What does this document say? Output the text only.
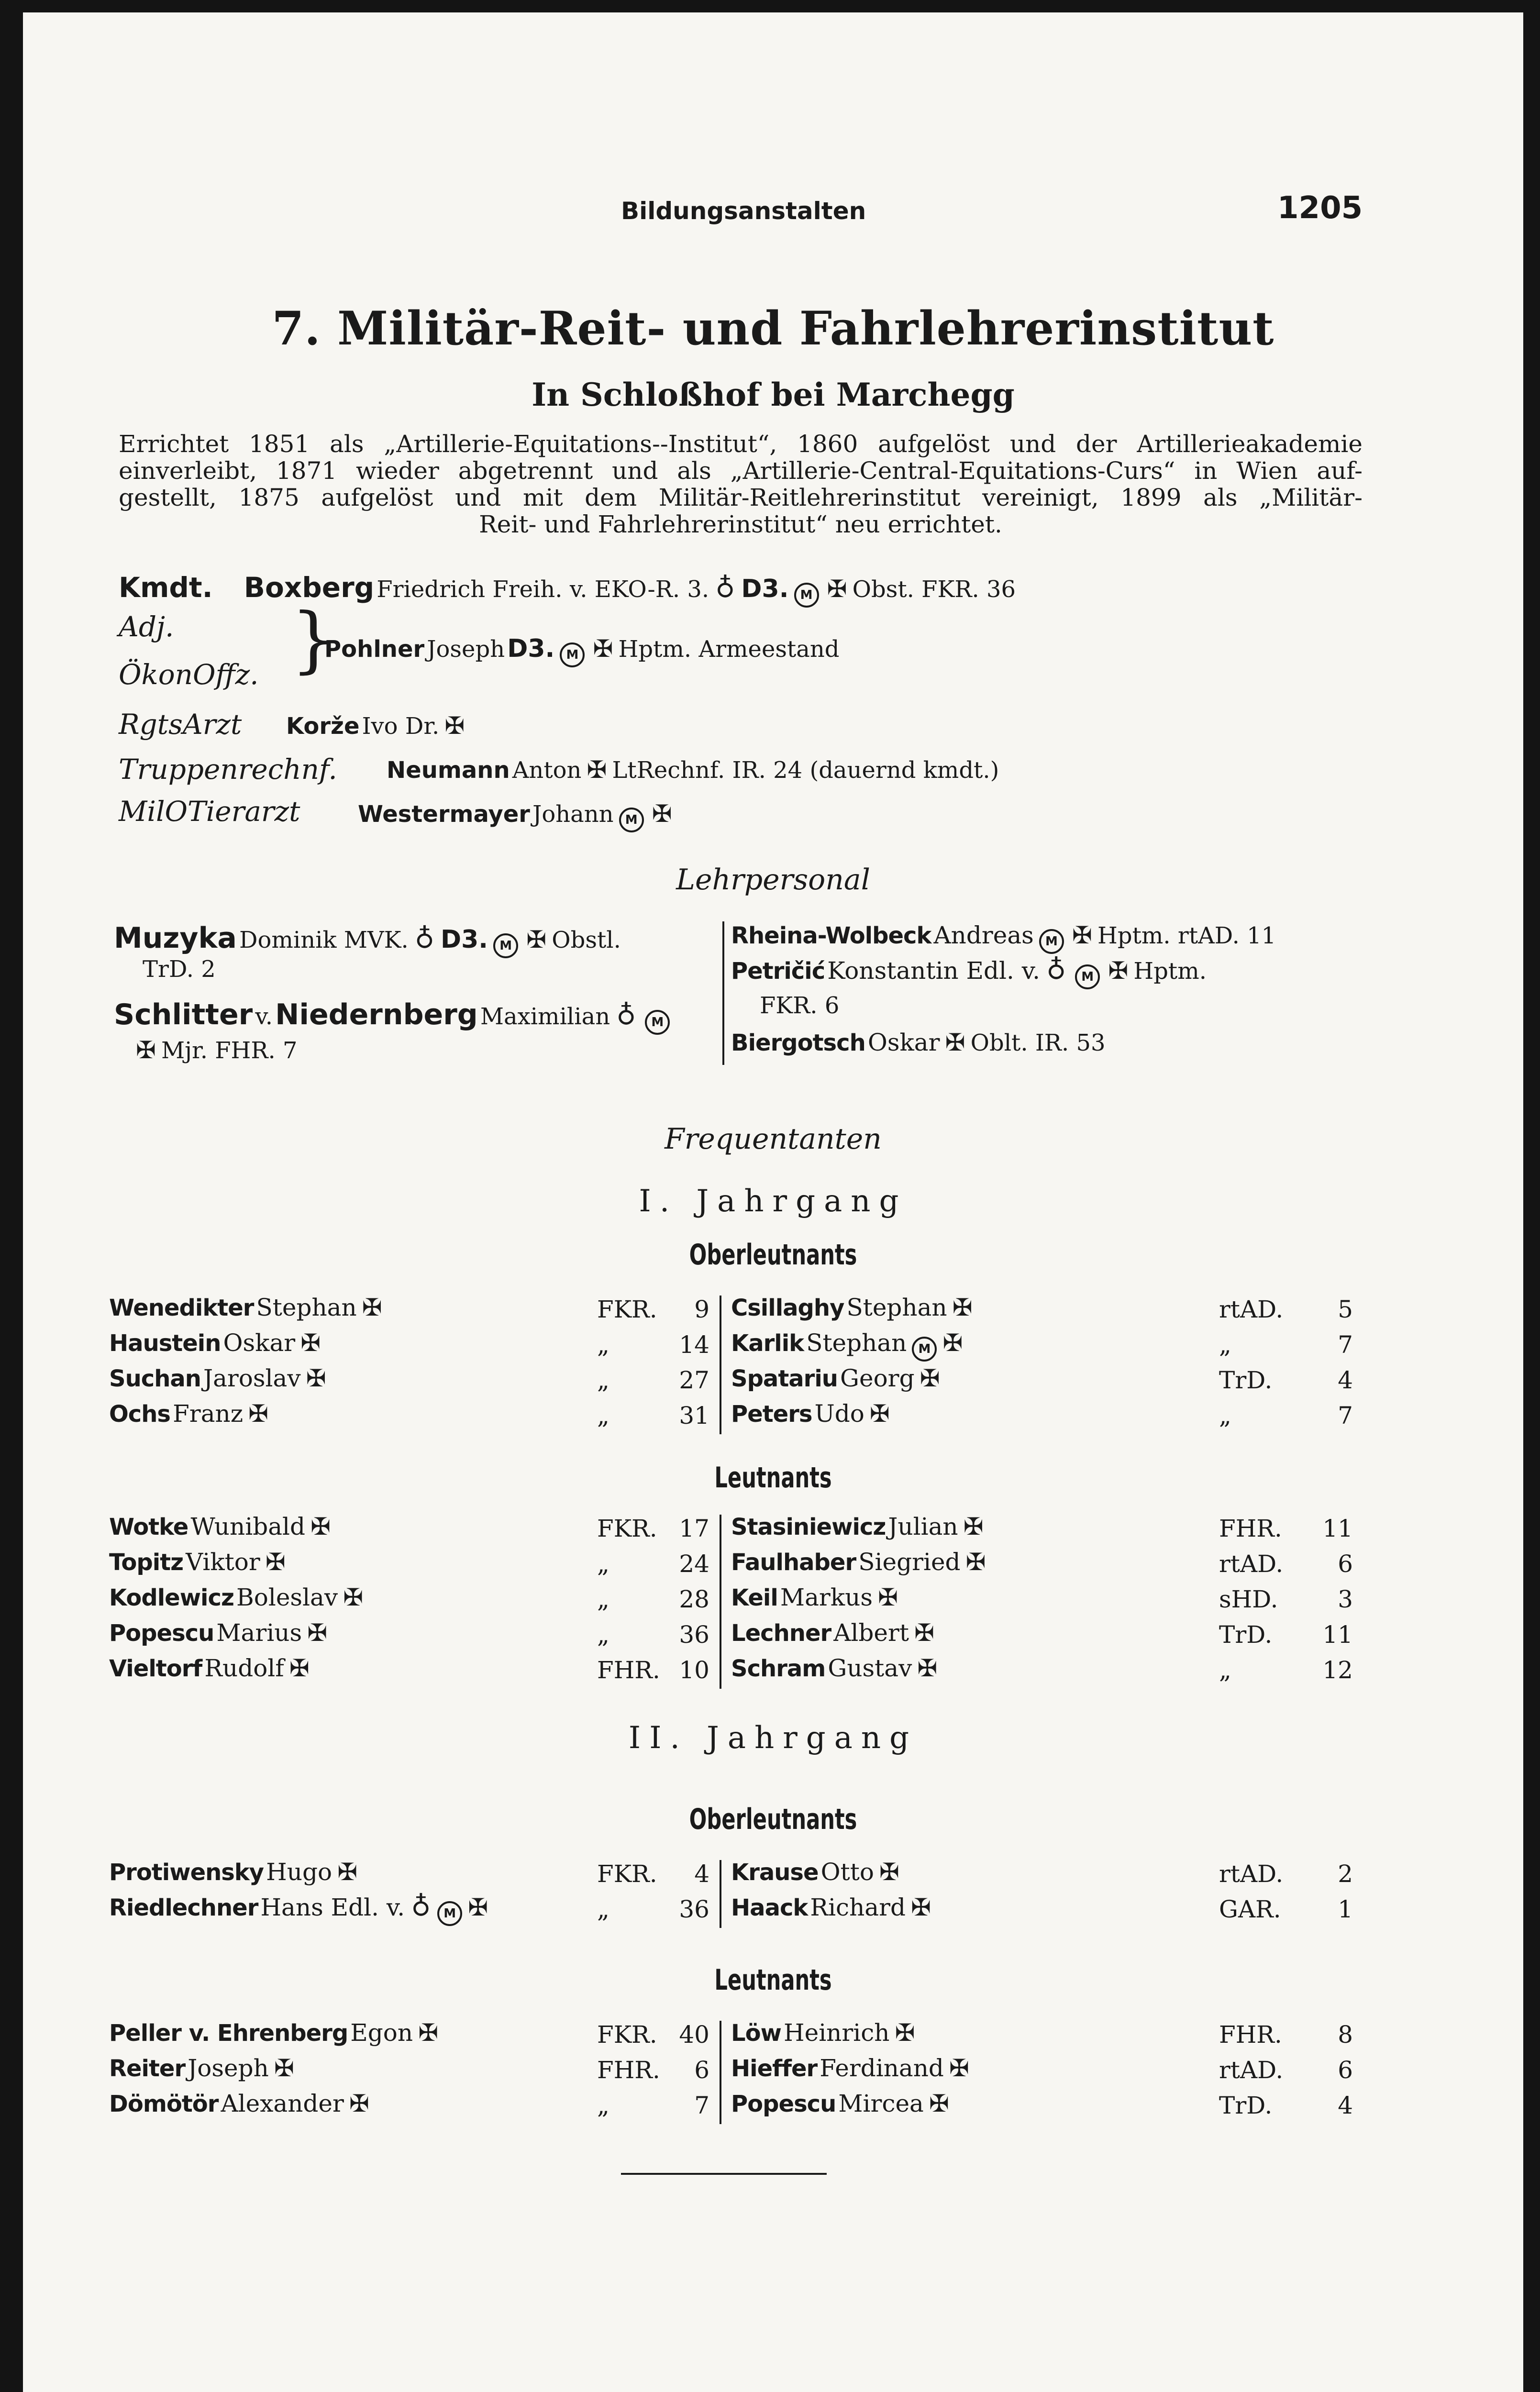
Bildungsanstalten	1205
7. Militär-Reit- und Fahrlehrerinstitut
In Schloßhof bei Marchegg
Errichtet 1851 als „Artillerie-Equitations--Institut“, 1860 aufgelöst und der Artillerieakademie
einverleibt, 1871 wieder abgetrennt und als „Artillerie-Central-Equitations-Curs“ in Wien auf-
gestellt, 1875 aufgelöst und mit dem Militär-Reitlehrerinstitut vereinigt, 1899 als „Militär-
Reit- und Fahrlehrerinstitut“ neu errichtet.
Kmdt. Boxberg Friedrich Freih. v. EKO-R. 3. ♁ D3. M ✠ Obst. FKR. 36
Adj.
ÖkonOffz. }
Pohlner Joseph D3. M ✠ Hptm. Armeestand
RgtsArzt Korže Ivo Dr. ✠
Truppenrechnf. Neumann Anton ✠ LtRechnf. IR. 24 (dauernd kmdt.)
MilOTierarzt	Westermayer Johann M ✠
Lehrpersonal
Muzyka Dominik MVK. ♁ D3. M ✠ Obstl.
TrD. 2
Schlitter v. Niedernberg Maximilian ♁ M
✠ Mjr. FHR. 7
Rheina-Wolbeck Andreas M ✠ Hptm. rtAD. 11
Petričić Konstantin Edl. v. ♁ M ✠ Hptm.
FKR. 6
Biergotsch Oskar ✠ Oblt. IR. 53
Frequentanten
I. Jahrgang
Oberleutnants
Wenedikter Stephan ✠	FKR.	9
Haustein Oskar ✠	„	14
Suchan Jaroslav ✠	„	27
Ochs Franz ✠	„	31
Csillaghy Stephan ✠	rtAD.	5
Karlik Stephan M ✠	„	7
Spatariu Georg ✠	TrD.	4
Peters Udo ✠	„	7
Leutnants
Wotke Wunibald ✠	FKR. 17
Topitz Viktor ✠	„	24
Kodlewicz Boleslav ✠	„	28
Popescu Marius ✠	„	36
Vieltorf Rudolf ✠	FHR. 10
Stasiniewicz Julian ✠	FHR.	11
Faulhaber Siegried ✠	rtAD.	6
Keil Markus ✠	sHD.	3
Lechner Albert ✠	TrD.	11
Schram Gustav ✠	„	12
II. Jahrgang
Oberleutnants
Protiwensky Hugo ✠	FKR.	4
Riedlechner Hans Edl. v. ♁ M ✠	„	36
Krause Otto ✠	rtAD.	2
Haack Richard ✠	GAR.	1
Leutnants
Peller v. Ehrenberg Egon ✠	FKR. 40
Reiter Joseph ✠	FHR.	6
Dömötör Alexander ✠	„	7
Löw Heinrich ✠	FHR.	8
Hieffer Ferdinand ✠	rtAD.	6
Popescu Mircea ✠	TrD.	4
